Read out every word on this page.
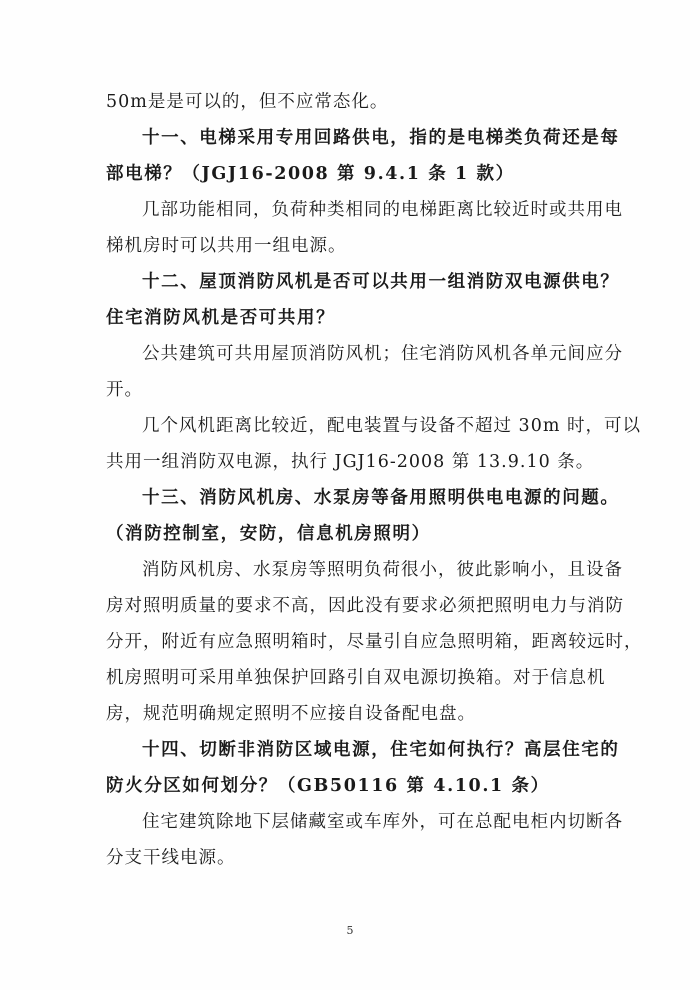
50m是是可以的，但不应常态化。
十一、电梯采用专用回路供电，指的是电梯类负荷还是每
部电梯？（JGJ16-2008 第 9.4.1 条 1 款）
几部功能相同，负荷种类相同的电梯距离比较近时或共用电
梯机房时可以共用一组电源。
十二、屋顶消防风机是否可以共用一组消防双电源供电？
住宅消防风机是否可共用？
公共建筑可共用屋顶消防风机；住宅消防风机各单元间应分
开。
几个风机距离比较近，配电装置与设备不超过 30m 时，可以
共用一组消防双电源，执行 JGJ16-2008 第 13.9.10 条。
十三、消防风机房、水泵房等备用照明供电电源的问题。
（消防控制室，安防，信息机房照明）
消防风机房、水泵房等照明负荷很小，彼此影响小，且设备
房对照明质量的要求不高，因此没有要求必须把照明电力与消防
分开，附近有应急照明箱时，尽量引自应急照明箱，距离较远时，
机房照明可采用单独保护回路引自双电源切换箱。对于信息机
房，规范明确规定照明不应接自设备配电盘。
十四、切断非消防区域电源，住宅如何执行？高层住宅的
防火分区如何划分？（GB50116 第 4.10.1 条）
住宅建筑除地下层储藏室或车库外，可在总配电柜内切断各
分支干线电源。
5
